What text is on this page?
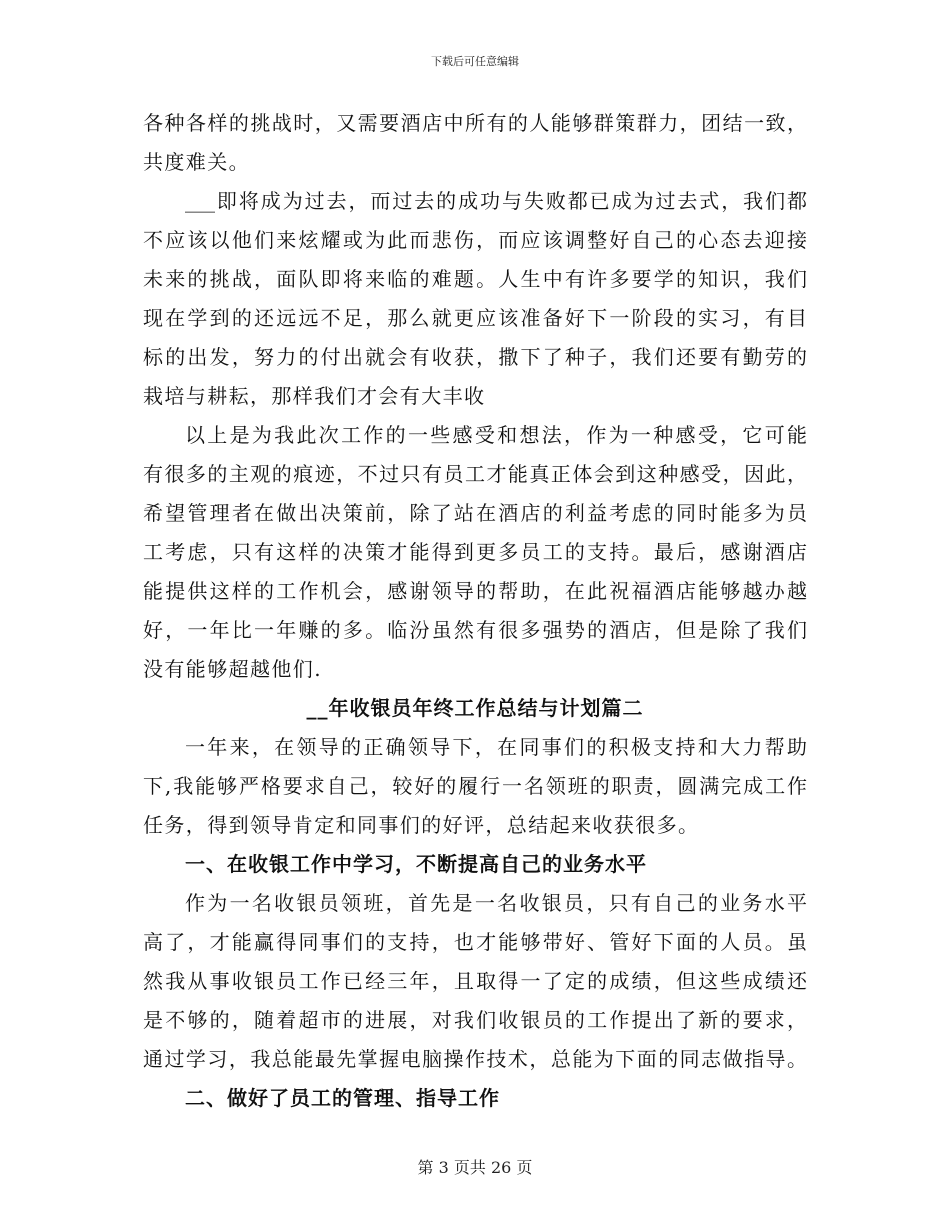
下载后可任意编辑
各种各样的挑战时，又需要酒店中所有的人能够群策群力，团结一致，
共度难关。
___即将成为过去，而过去的成功与失败都已成为过去式，我们都
不应该以他们来炫耀或为此而悲伤，而应该调整好自己的心态去迎接
未来的挑战，面队即将来临的难题。人生中有许多要学的知识，我们
现在学到的还远远不足，那么就更应该准备好下一阶段的实习，有目
标的出发，努力的付出就会有收获，撒下了种子，我们还要有勤劳的
栽培与耕耘，那样我们才会有大丰收
以上是为我此次工作的一些感受和想法，作为一种感受，它可能
有很多的主观的痕迹，不过只有员工才能真正体会到这种感受，因此，
希望管理者在做出决策前，除了站在酒店的利益考虑的同时能多为员
工考虑，只有这样的决策才能得到更多员工的支持。最后，感谢酒店
能提供这样的工作机会，感谢领导的帮助，在此祝福酒店能够越办越
好，一年比一年赚的多。临汾虽然有很多强势的酒店，但是除了我们
没有能够超越他们.
__年收银员年终工作总结与计划篇二
一年来，在领导的正确领导下，在同事们的积极支持和大力帮助
下,我能够严格要求自己，较好的履行一名领班的职责，圆满完成工作
任务，得到领导肯定和同事们的好评，总结起来收获很多。
一、在收银工作中学习，不断提高自己的业务水平
作为一名收银员领班，首先是一名收银员，只有自己的业务水平
高了，才能赢得同事们的支持，也才能够带好、管好下面的人员。虽
然我从事收银员工作已经三年，且取得一了定的成绩，但这些成绩还
是不够的，随着超市的进展，对我们收银员的工作提出了新的要求，
通过学习，我总能最先掌握电脑操作技术，总能为下面的同志做指导。
二、做好了员工的管理、指导工作
第 3 页共 26 页
